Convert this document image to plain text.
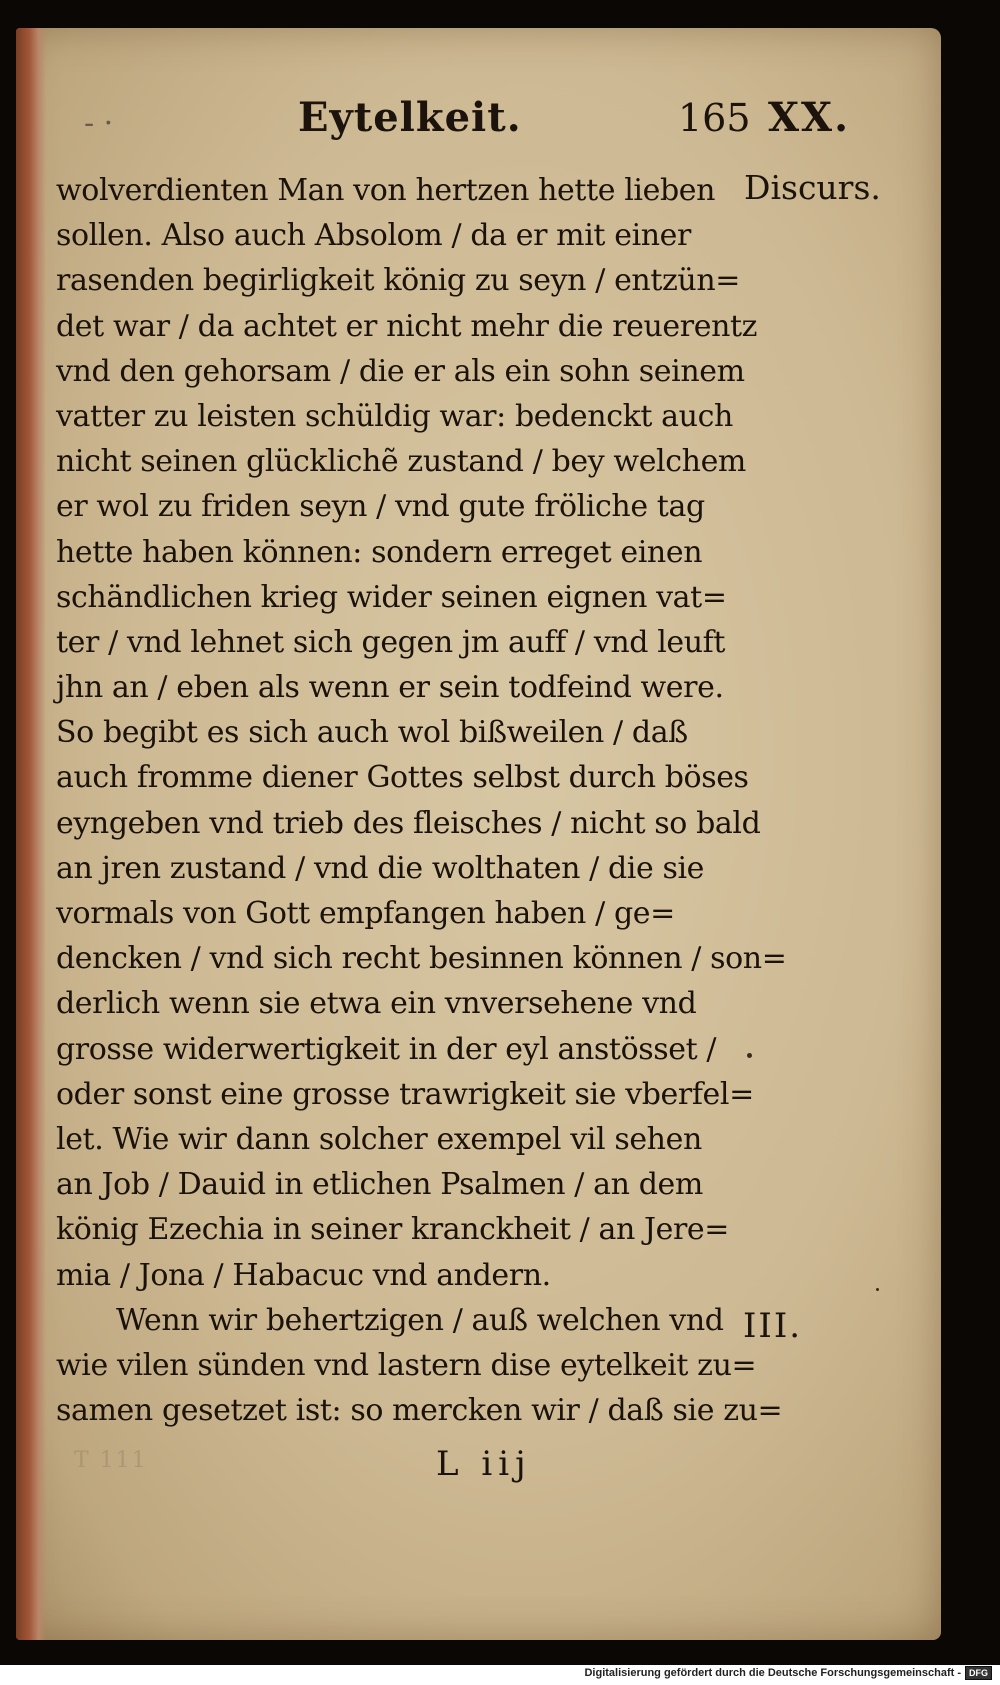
- ·	Eytelkeit.	165 XX.
Discurs.
III.
wolverdienten Man von hertzen hette lieben
sollen. Also auch Absolom / da er mit einer
rasenden begirligkeit könig zu seyn / entzün=
det war / da achtet er nicht mehr die reuerentz
vnd den gehorsam / die er als ein sohn seinem
vatter zu leisten schüldig war: bedenckt auch
nicht seinen glücklichẽ zustand / bey welchem
er wol zu friden seyn / vnd gute fröliche tag
hette haben können: sondern erreget einen
schändlichen krieg wider seinen eignen vat=
ter / vnd lehnet sich gegen jm auff / vnd leuft
jhn an / eben als wenn er sein todfeind were.
So begibt es sich auch wol bißweilen / daß
auch fromme diener Gottes selbst durch böses
eyngeben vnd trieb des fleisches / nicht so bald
an jren zustand / vnd die wolthaten / die sie
vormals von Gott empfangen haben / ge=
dencken / vnd sich recht besinnen können / son=
derlich wenn sie etwa ein vnversehene vnd
grosse widerwertigkeit in der eyl anstösset /
oder sonst eine grosse trawrigkeit sie vberfel=
let. Wie wir dann solcher exempel vil sehen
an Job / Dauid in etlichen Psalmen / an dem
könig Ezechia in seiner kranckheit / an Jere=
mia / Jona / Habacuc vnd andern.
Wenn wir behertzigen / auß welchen vnd
wie vilen sünden vnd lastern dise eytelkeit zu=
samen gesetzet ist: so mercken wir / daß sie zu=
T 111	L iij
Digitalisierung gefördert durch die Deutsche Forschungsgemeinschaft - DFG
